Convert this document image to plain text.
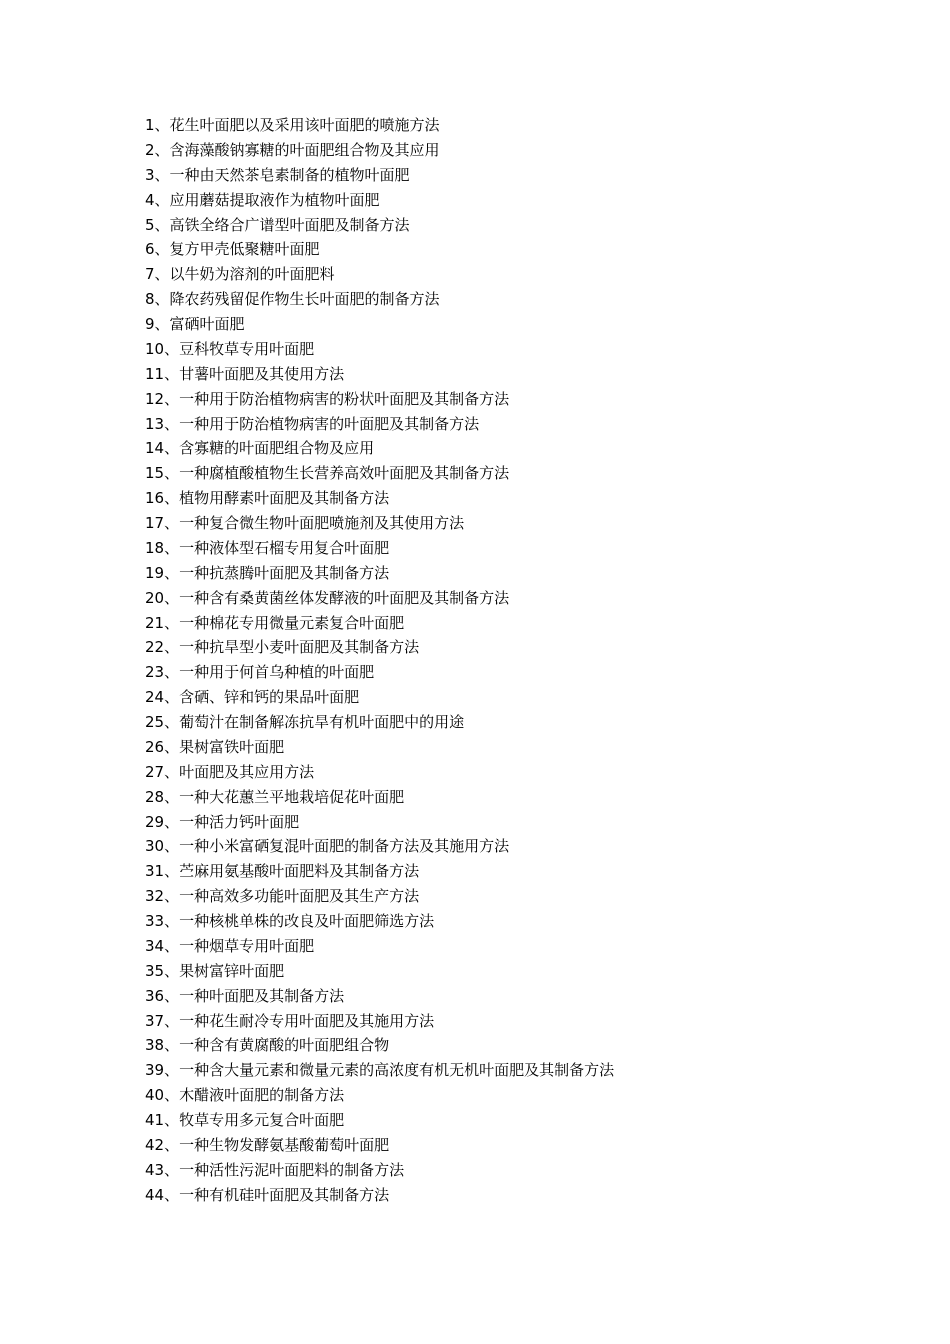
1、花生叶面肥以及采用该叶面肥的喷施方法
2、含海藻酸钠寡糖的叶面肥组合物及其应用
3、一种由天然茶皂素制备的植物叶面肥
4、应用蘑菇提取液作为植物叶面肥
5、高铁全络合广谱型叶面肥及制备方法
6、复方甲壳低聚糖叶面肥
7、以牛奶为溶剂的叶面肥料
8、降农药残留促作物生长叶面肥的制备方法
9、富硒叶面肥
10、豆科牧草专用叶面肥
11、甘薯叶面肥及其使用方法
12、一种用于防治植物病害的粉状叶面肥及其制备方法
13、一种用于防治植物病害的叶面肥及其制备方法
14、含寡糖的叶面肥组合物及应用
15、一种腐植酸植物生长营养高效叶面肥及其制备方法
16、植物用酵素叶面肥及其制备方法
17、一种复合微生物叶面肥喷施剂及其使用方法
18、一种液体型石榴专用复合叶面肥
19、一种抗蒸腾叶面肥及其制备方法
20、一种含有桑黄菌丝体发酵液的叶面肥及其制备方法
21、一种棉花专用微量元素复合叶面肥
22、一种抗旱型小麦叶面肥及其制备方法
23、一种用于何首乌种植的叶面肥
24、含硒、锌和钙的果品叶面肥
25、葡萄汁在制备解冻抗旱有机叶面肥中的用途
26、果树富铁叶面肥
27、叶面肥及其应用方法
28、一种大花蕙兰平地栽培促花叶面肥
29、一种活力钙叶面肥
30、一种小米富硒复混叶面肥的制备方法及其施用方法
31、苎麻用氨基酸叶面肥料及其制备方法
32、一种高效多功能叶面肥及其生产方法
33、一种核桃单株的改良及叶面肥筛选方法
34、一种烟草专用叶面肥
35、果树富锌叶面肥
36、一种叶面肥及其制备方法
37、一种花生耐冷专用叶面肥及其施用方法
38、一种含有黄腐酸的叶面肥组合物
39、一种含大量元素和微量元素的高浓度有机无机叶面肥及其制备方法
40、木醋液叶面肥的制备方法
41、牧草专用多元复合叶面肥
42、一种生物发酵氨基酸葡萄叶面肥
43、一种活性污泥叶面肥料的制备方法
44、一种有机硅叶面肥及其制备方法
